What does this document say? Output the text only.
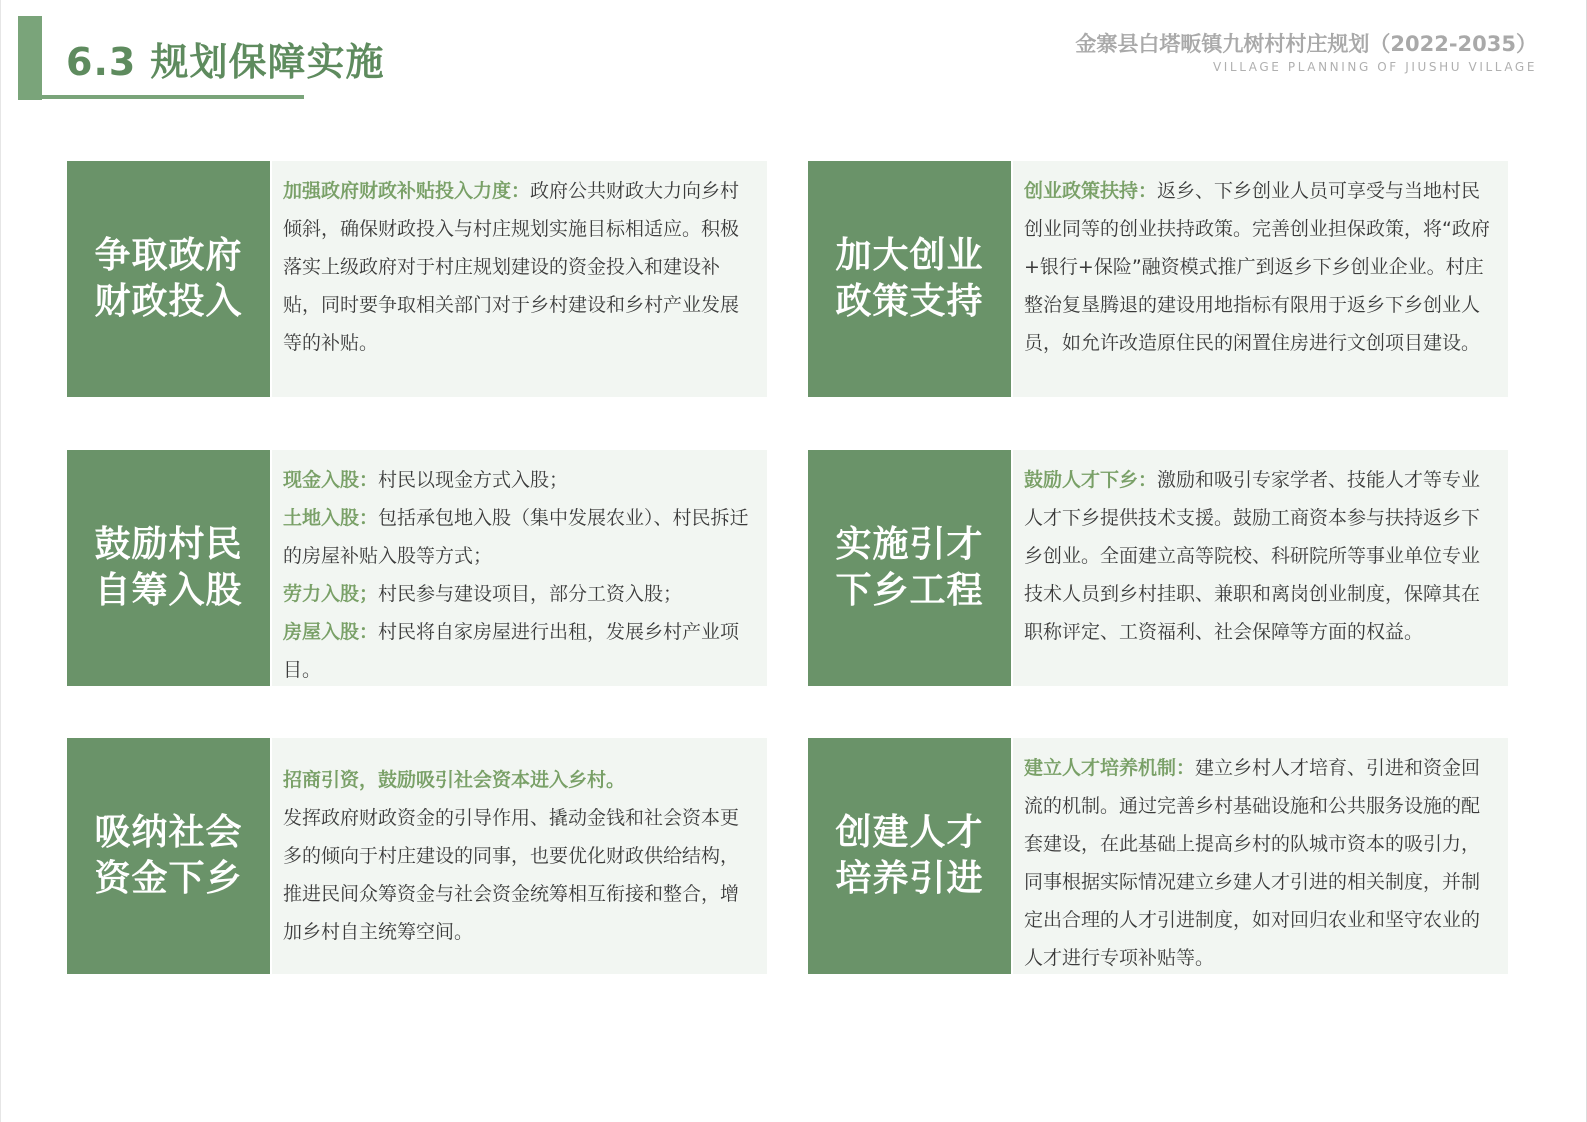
6.3 规划保障实施	金寨县白塔畈镇九树村村庄规划（2022-2035）
VILLAGE PLANNING OF JIUSHU VILLAGE
争取政府
财政投入

加强政府财政补贴投入力度：政府公共财政大力向乡村倾斜，确保财政投入与村庄规划实施目标相适应。积极落实上级政府对于村庄规划建设的资金投入和建设补贴，同时要争取相关部门对于乡村建设和乡村产业发展等的补贴。

加大创业
政策支持

创业政策扶持：返乡、下乡创业人员可享受与当地村民创业同等的创业扶持政策。完善创业担保政策，将“政府+银行+保险”融资模式推广到返乡下乡创业企业。村庄整治复垦腾退的建设用地指标有限用于返乡下乡创业人员，如允许改造原住民的闲置住房进行文创项目建设。

鼓励村民
自筹入股

现金入股：村民以现金方式入股；

土地入股：包括承包地入股（集中发展农业）、村民拆迁的房屋补贴入股等方式；

劳力入股；村民参与建设项目，部分工资入股；

房屋入股：村民将自家房屋进行出租，发展乡村产业项目。

实施引才
下乡工程

鼓励人才下乡：激励和吸引专家学者、技能人才等专业人才下乡提供技术支援。鼓励工商资本参与扶持返乡下乡创业。全面建立高等院校、科研院所等事业单位专业技术人员到乡村挂职、兼职和离岗创业制度，保障其在职称评定、工资福利、社会保障等方面的权益。

吸纳社会
资金下乡

招商引资，鼓励吸引社会资本进入乡村。

发挥政府财政资金的引导作用、撬动金钱和社会资本更多的倾向于村庄建设的同事，也要优化财政供给结构，推进民间众筹资金与社会资金统筹相互衔接和整合，增加乡村自主统筹空间。

创建人才
培养引进

建立人才培养机制：建立乡村人才培育、引进和资金回流的机制。通过完善乡村基础设施和公共服务设施的配套建设，在此基础上提高乡村的队城市资本的吸引力，同事根据实际情况建立乡建人才引进的相关制度，并制定出合理的人才引进制度，如对回归农业和坚守农业的人才进行专项补贴等。
